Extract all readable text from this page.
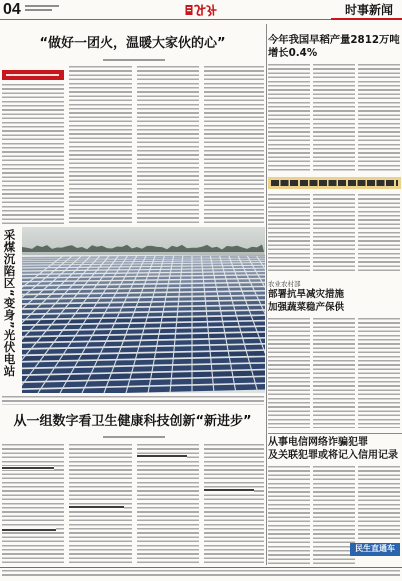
04	时事新闻
“做好一团火，温暖大家伙的心”
采煤沉陷区“变身”光伏电站
从一组数字看卫生健康科技创新“新进步”
今年我国早稻产量2812万吨
增长0.4%
农业农村部
部署抗旱减灾措施
加强蔬菜稳产保供
从事电信网络诈骗犯罪
及关联犯罪或将记入信用记录
民生直通车
